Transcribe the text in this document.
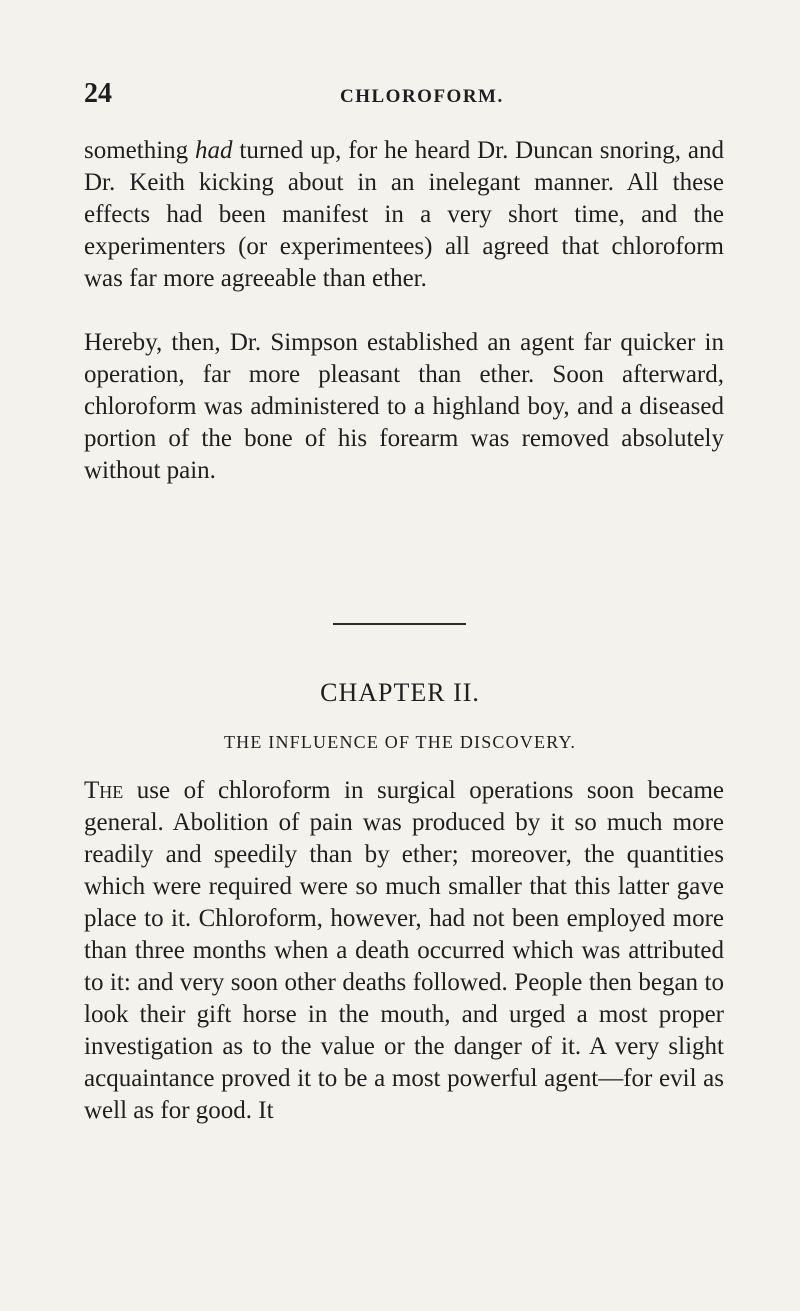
24	CHLOROFORM.

something had turned up, for he heard Dr. Duncan snoring, and Dr. Keith kicking about in an inelegant manner. All these effects had been manifest in a very short time, and the experimenters (or experimentees) all agreed that chloroform was far more agreeable than ether.

Hereby, then, Dr. Simpson established an agent far quicker in operation, far more pleasant than ether. Soon afterward, chloroform was administered to a highland boy, and a diseased portion of the bone of his forearm was removed absolutely without pain.

CHAPTER II.
THE INFLUENCE OF THE DISCOVERY.

The use of chloroform in surgical operations soon became general. Abolition of pain was produced by it so much more readily and speedily than by ether; moreover, the quantities which were required were so much smaller that this latter gave place to it. Chloroform, however, had not been employed more than three months when a death occurred which was attributed to it: and very soon other deaths followed. People then began to look their gift horse in the mouth, and urged a most proper investigation as to the value or the danger of it. A very slight acquaintance proved it to be a most powerful agent—for evil as well as for good. It
